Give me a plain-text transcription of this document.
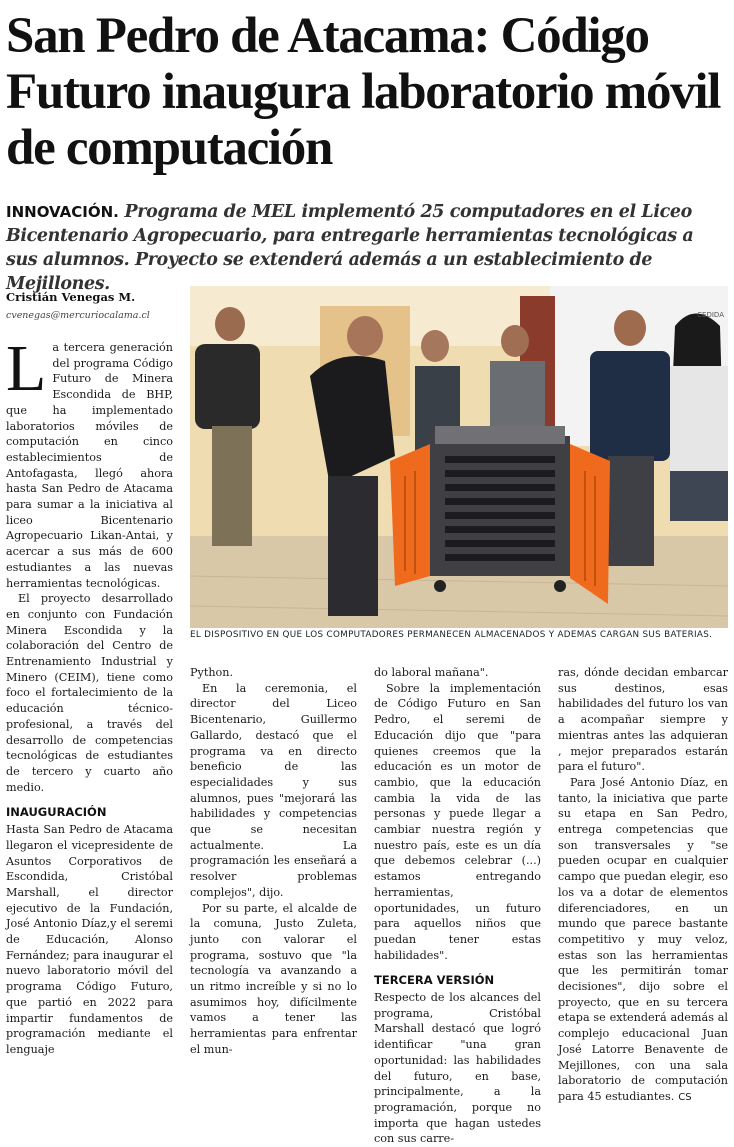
San Pedro de Atacama: Código Futuro inaugura laboratorio móvil de computación
INNOVACIÓN. Programa de MEL implementó 25 computadores en el Liceo Bicentenario Agropecuario, para entregarle herramientas tecnológicas a sus alumnos. Proyecto se extenderá además a un establecimiento de Mejillones.
Cristián Venegas M.
cvenegas@mercuriocalama.cl

La tercera generación del programa Código Futuro de Minera Escondida de BHP, que ha implementado laboratorios móviles de computación en cinco establecimientos de Antofagasta, llegó ahora hasta San Pedro de Atacama para sumar a la iniciativa al liceo Bicentenario Agropecuario Likan-Antai, y acercar a sus más de 600 estudiantes a las nuevas herramientas tecnológicas.

El proyecto desarrollado en conjunto con Fundación Minera Escondida y la colaboración del Centro de Entrenamiento Industrial y Minero (CEIM), tiene como foco el fortalecimiento de la educación técnico-profesional, a través del desarrollo de competencias tecnológicas de estudiantes de tercero y cuarto año medio.

INAUGURACIÓN

Hasta San Pedro de Atacama llegaron el vicepresidente de Asuntos Corporativos de Escondida, Cristóbal Marshall, el director ejecutivo de la Fundación, José Antonio Díaz,y el seremi de Educación, Alonso Fernández; para inaugurar el nuevo laboratorio móvil del programa Código Futuro, que partió en 2022 para impartir fundamentos de programación mediante el lenguaje

CEDIDA
EL DISPOSITIVO EN QUE LOS COMPUTADORES PERMANECEN ALMACENADOS Y ADEMÁS CARGAN SUS BATERÍAS.

Python.

En la ceremonia, el director del Liceo Bicentenario, Guillermo Gallardo, destacó que el programa va en directo beneficio de las especialidades y sus alumnos, pues "mejorará las habilidades y competencias que se necesitan actualmente. La programación les enseñará a resolver problemas complejos", dijo.

Por su parte, el alcalde de la comuna, Justo Zuleta, junto con valorar el programa, sostuvo que "la tecnología va avanzando a un ritmo increíble y si no lo asumimos hoy, difícilmente vamos a tener las herramientas para enfrentar el mun-

do laboral mañana".

Sobre la implementación de Código Futuro en San Pedro, el seremi de Educación dijo que "para quienes creemos que la educación es un motor de cambio, que la educación cambia la vida de las personas y puede llegar a cambiar nuestra región y nuestro país, este es un día que debemos celebrar (...) estamos entregando herramientas, oportunidades, un futuro para aquellos niños que puedan tener estas habilidades".

TERCERA VERSIÓN

Respecto de los alcances del programa, Cristóbal Marshall destacó que logró identificar "una gran oportunidad: las habilidades del futuro, en base, principalmente, a la programación, porque no importa que hagan ustedes con sus carre-

ras, dónde decidan embarcar sus destinos, esas habilidades del futuro los van a acompañar siempre y mientras antes las adquieran , mejor preparados estarán para el futuro".

Para José Antonio Díaz, en tanto, la iniciativa que parte su etapa en San Pedro, entrega competencias que son transversales y "se pueden ocupar en cualquier campo que puedan elegir, eso los va a dotar de elementos diferenciadores, en un mundo que parece bastante competitivo y muy veloz, estas son las herramientas que les permitirán tomar decisiones", dijo sobre el proyecto, que en su tercera etapa se extenderá además al complejo educacional Juan José Latorre Benavente de Mejillones, con una sala laboratorio de computación para 45 estudiantes. CS
